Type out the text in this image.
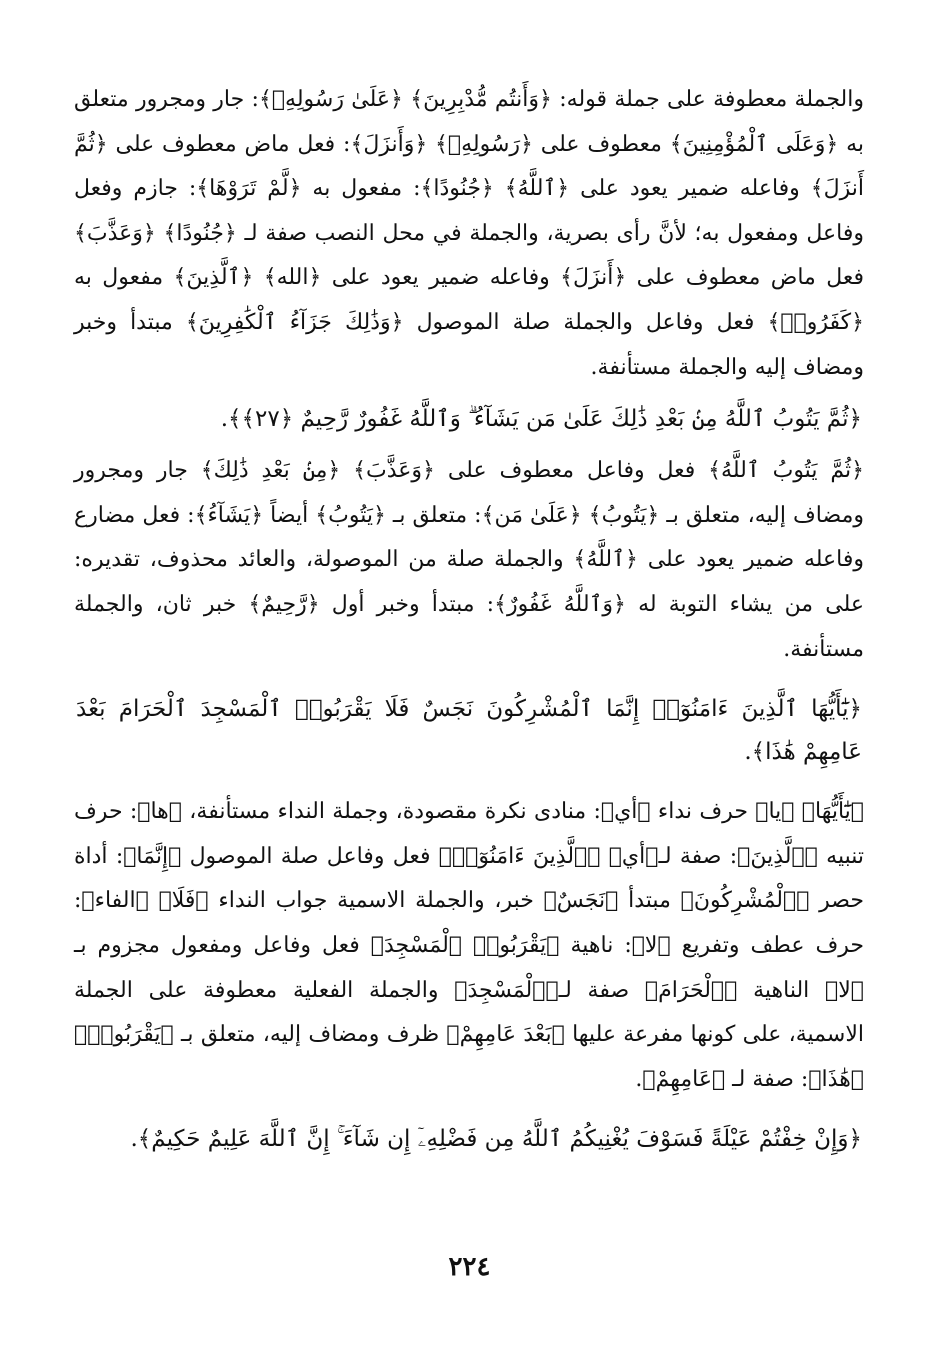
والجملة معطوفة على جملة قوله: ﴿وَأَنتُم مُّدْبِرِينَ﴾ ﴿عَلَىٰ رَسُولِهِۦ﴾: جار ومجرور متعلق به ﴿وَعَلَى ٱلْمُؤْمِنِينَ﴾ معطوف على ﴿رَسُولِهِۦ﴾ ﴿وَأَنزَلَ﴾: فعل ماض معطوف على ﴿ثُمَّ أَنزَلَ﴾ وفاعله ضمير يعود على ﴿ٱللَّهُ﴾ ﴿جُنُودًا﴾: مفعول به ﴿لَّمْ تَرَوْهَا﴾: جازم وفعل وفاعل ومفعول به؛ لأنَّ رأى بصرية، والجملة في محل النصب صفة لـ ﴿جُنُودًا﴾ ﴿وَعَذَّبَ﴾ فعل ماض معطوف على ﴿أَنزَلَ﴾ وفاعله ضمير يعود على ﴿الله﴾ ﴿ٱلَّذِينَ﴾ مفعول به ﴿كَفَرُوا۟﴾ فعل وفاعل والجملة صلة الموصول ﴿وَذَٰلِكَ جَزَآءُ ٱلْكَٰفِرِينَ﴾ مبتدأ وخبر ومضاف إليه والجملة مستأنفة.

﴿ثُمَّ يَتُوبُ ٱللَّهُ مِنۢ بَعْدِ ذَٰلِكَ عَلَىٰ مَن يَشَآءُ ۗ وَٱللَّهُ غَفُورٌ رَّحِيمٌ ﴿٢٧﴾﴾.

﴿ثُمَّ يَتُوبُ ٱللَّهُ﴾ فعل وفاعل معطوف على ﴿وَعَذَّبَ﴾ ﴿مِنۢ بَعْدِ ذَٰلِكَ﴾ جار ومجرور ومضاف إليه، متعلق بـ ﴿يَتُوبُ﴾ ﴿عَلَىٰ مَن﴾: متعلق بـ ﴿يَتُوبُ﴾ أيضاً ﴿يَشَآءُ﴾: فعل مضارع وفاعله ضمير يعود على ﴿ٱللَّهُ﴾ والجملة صلة من الموصولة، والعائد محذوف، تقديره: على من يشاء التوبة له ﴿وَٱللَّهُ غَفُورٌ﴾: مبتدأ وخبر أول ﴿رَّحِيمٌ﴾ خبر ثان، والجملة مستأنفة.

﴿يَٰٓأَيُّهَا ٱلَّذِينَ ءَامَنُوٓا۟ إِنَّمَا ٱلْمُشْرِكُونَ نَجَسٌ فَلَا يَقْرَبُوا۟ ٱلْمَسْجِدَ ٱلْحَرَامَ بَعْدَ عَامِهِمْ هَٰذَا﴾.

﴿يَٰٓأَيُّهَا﴾ ﴿يا﴾ حرف نداء ﴿أي﴾: منادى نكرة مقصودة، وجملة النداء مستأنفة، ﴿ها﴾: حرف تنبيه ﴿ٱلَّذِينَ﴾: صفة لـ﴿أي﴾ ﴿ٱلَّذِينَ ءَامَنُوٓا۟﴾ فعل وفاعل صلة الموصول ﴿إِنَّمَا﴾: أداة حصر ﴿ٱلْمُشْرِكُونَ﴾ مبتدأ ﴿نَجَسٌ﴾ خبر، والجملة الاسمية جواب النداء ﴿فَلَا﴾ ﴿الفاء﴾: حرف عطف وتفريع ﴿لا﴾: ناهية ﴿يَقْرَبُوا۟ ٱلْمَسْجِدَ﴾ فعل وفاعل ومفعول مجزوم بـ ﴿لا﴾ الناهية ﴿ٱلْحَرَامَ﴾ صفة لـ﴿ٱلْمَسْجِدَ﴾ والجملة الفعلية معطوفة على الجملة الاسمية، على كونها مفرعة عليها ﴿بَعْدَ عَامِهِمْ﴾ ظرف ومضاف إليه، متعلق بـ ﴿يَقْرَبُوا۟﴾ ﴿هَٰذَا﴾: صفة لـ ﴿عَامِهِمْ﴾.

﴿وَإِنْ خِفْتُمْ عَيْلَةً فَسَوْفَ يُغْنِيكُمُ ٱللَّهُ مِن فَضْلِهِۦٓ إِن شَآءَ ۚ إِنَّ ٱللَّهَ عَلِيمٌ حَكِيمٌ﴾.

٢٢٤
